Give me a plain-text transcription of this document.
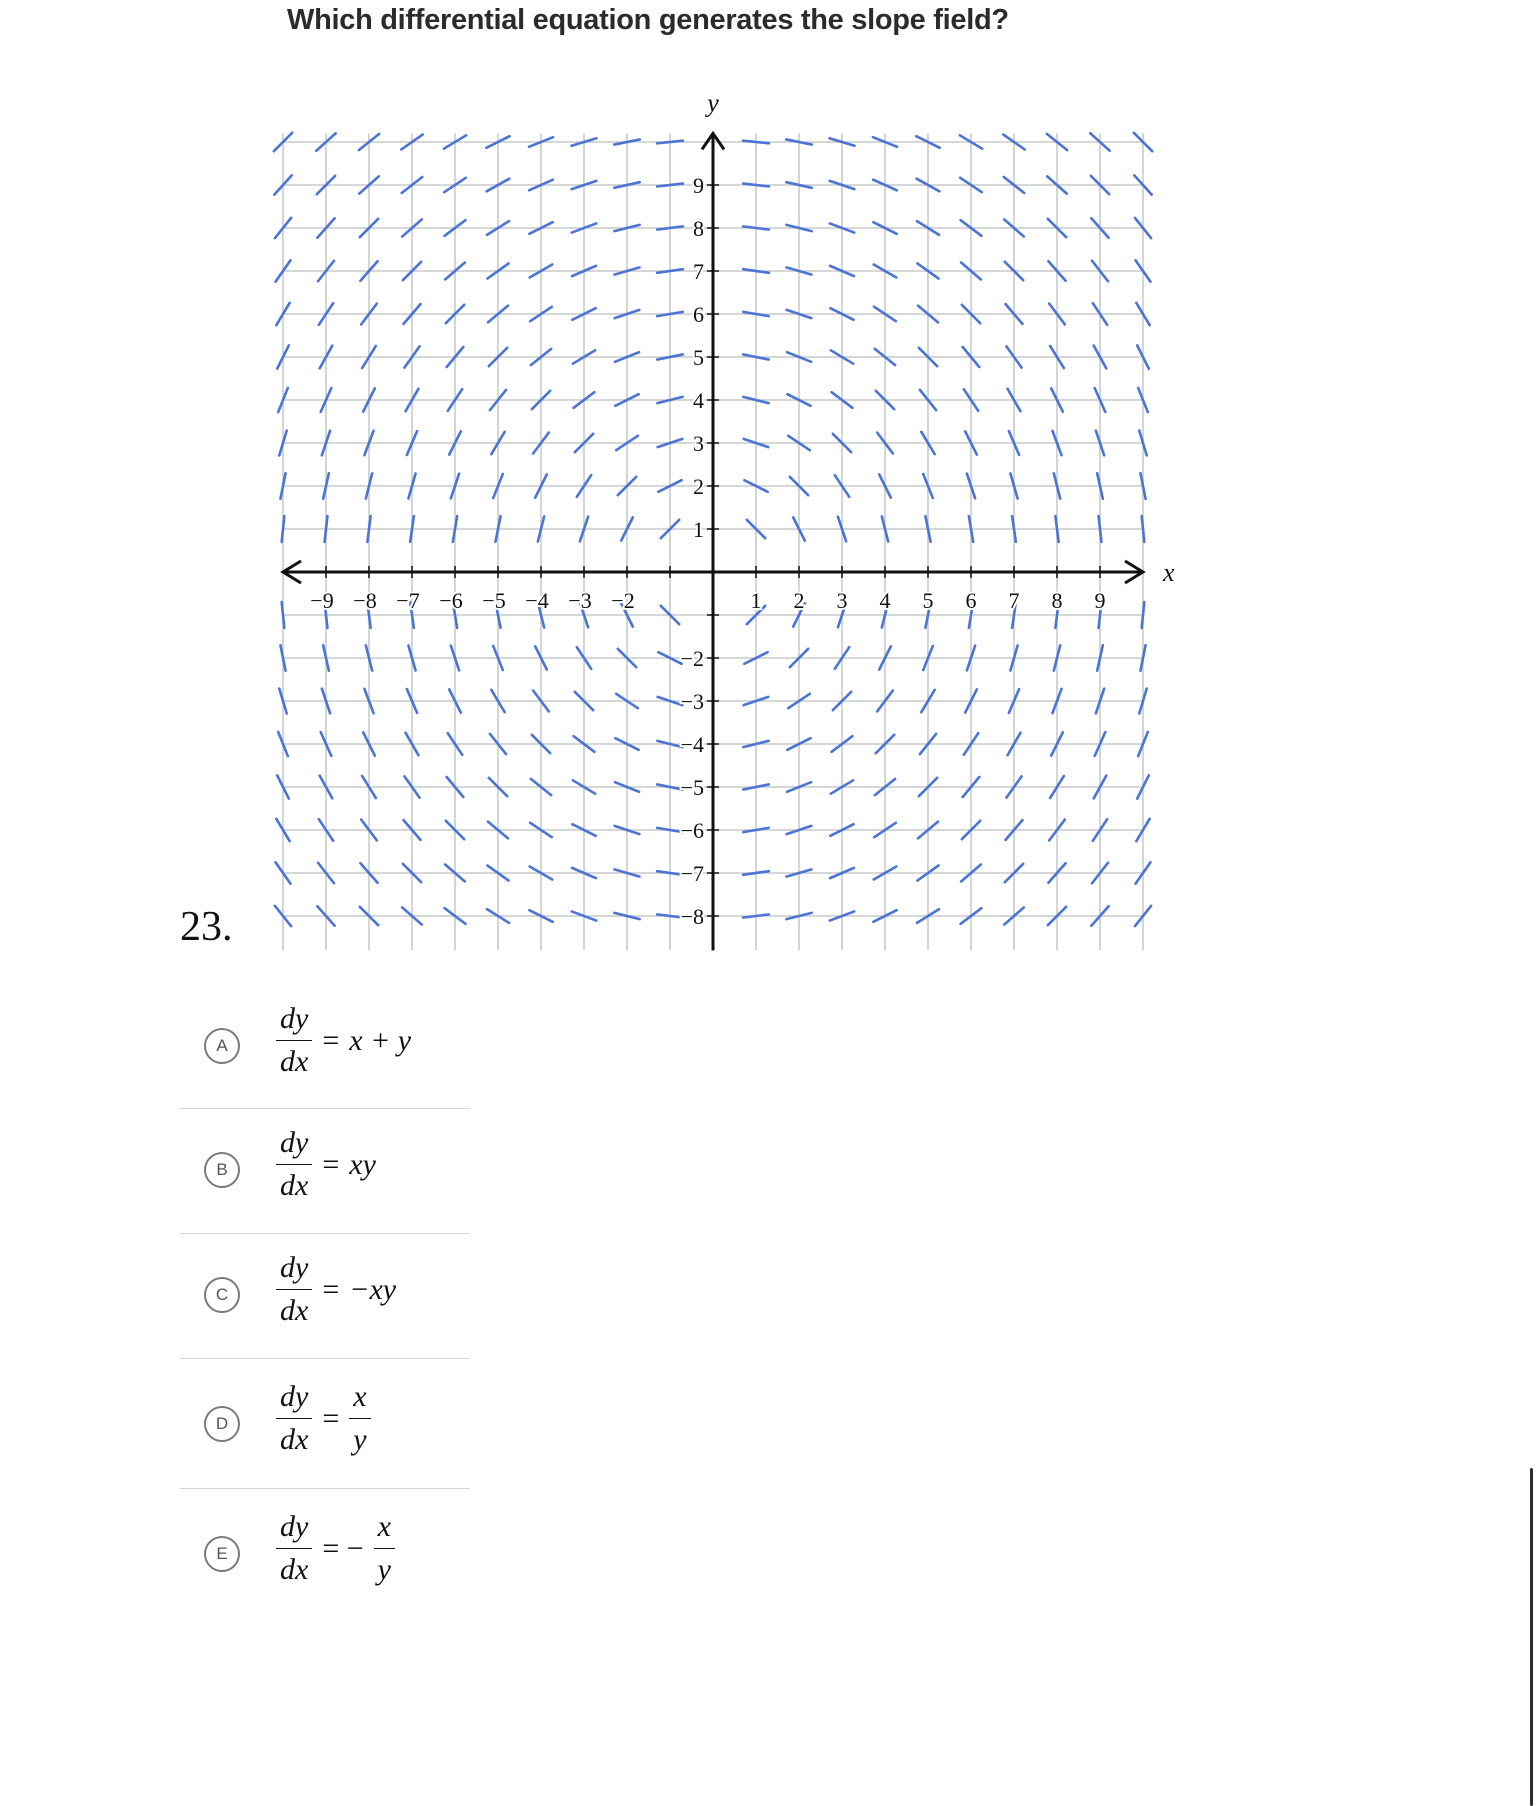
Which differential equation generates the slope field?
−9 −8 −7 −6 −5 −4 −3 −2	1 2 3 4 5 6 7 8 9
9
8
7
6
5
4
3
2
1
−2
−3
−4
−5
−6
−7
−8
x
y
23.
A	$\frac{dy}{dx} = x + y$
B	$\frac{dy}{dx}$ = xy
C	$\frac{dy}{dx} = -xy$
D	$\frac{dy}{dx} = \frac{x}{y}$
E	$\frac{dy}{dx}$ = − $\frac{x}{y}$
